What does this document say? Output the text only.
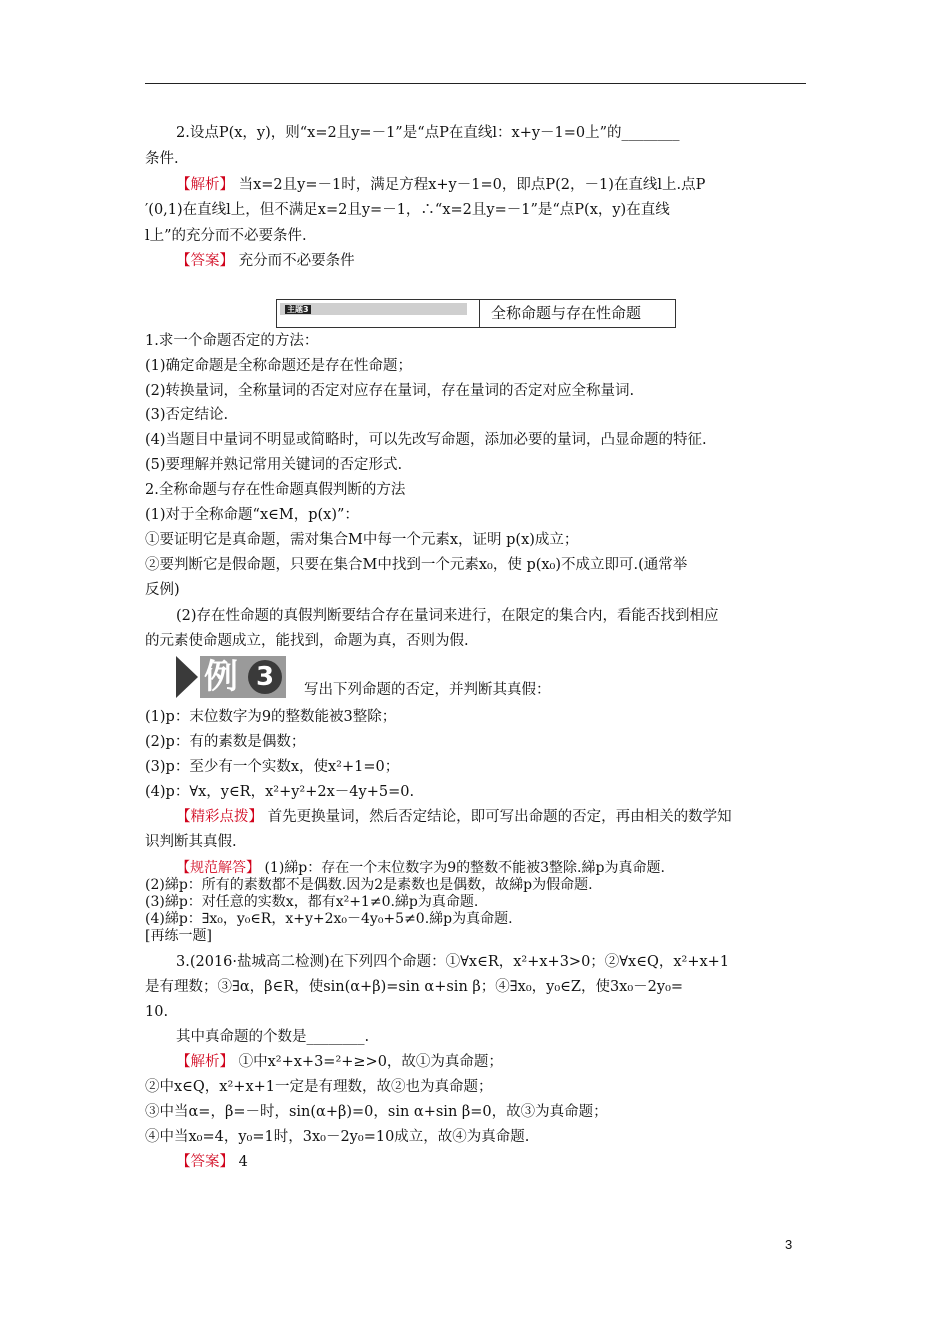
2.设点P(x，y)，则“x=2且y=－1”是“点P在直线l：x+y－1=0上”的________
条件.
【解析】 当x=2且y=－1时，满足方程x+y－1=0，即点P(2，－1)在直线l上.点P
′(0,1)在直线l上，但不满足x=2且y=－1，∴“x=2且y=－1”是“点P(x，y)在直线
l上”的充分而不必要条件.
【答案】 充分而不必要条件
主题3	全称命题与存在性命题
1.求一个命题否定的方法：
(1)确定命题是全称命题还是存在性命题；
(2)转换量词，全称量词的否定对应存在量词，存在量词的否定对应全称量词.
(3)否定结论.
(4)当题目中量词不明显或简略时，可以先改写命题，添加必要的量词，凸显命题的特征.
(5)要理解并熟记常用关键词的否定形式.
2.全称命题与存在性命题真假判断的方法
(1)对于全称命题“x∈M，p(x)”：
①要证明它是真命题，需对集合M中每一个元素x，证明 p(x)成立；
②要判断它是假命题，只要在集合M中找到一个元素x₀，使 p(x₀)不成立即可.(通常举
反例)
(2)存在性命题的真假判断要结合存在量词来进行，在限定的集合内，看能否找到相应
的元素使命题成立，能找到，命题为真，否则为假.
例 3	写出下列命题的否定，并判断其真假：
(1)p：末位数字为9的整数能被3整除；
(2)p：有的素数是偶数；
(3)p：至少有一个实数x，使x²+1=0；
(4)p：∀x，y∈R，x²+y²+2x－4y+5=0.
【精彩点拨】 首先更换量词，然后否定结论，即可写出命题的否定，再由相关的数学知
识判断其真假.
【规范解答】 (1)綈p：存在一个末位数字为9的整数不能被3整除.綈p为真命题.
(2)綈p：所有的素数都不是偶数.因为2是素数也是偶数，故綈p为假命题.
(3)綈p：对任意的实数x，都有x²+1≠0.綈p为真命题.
(4)綈p：∃x₀，y₀∈R，x+y+2x₀－4y₀+5≠0.綈p为真命题.
[再练一题]
3.(2016·盐城高二检测)在下列四个命题：①∀x∈R，x²+x+3>0；②∀x∈Q，x²+x+1
是有理数；③∃α，β∈R，使sin(α+β)=sin α+sin β；④∃x₀，y₀∈Z，使3x₀－2y₀=
10.
其中真命题的个数是________.
【解析】 ①中x²+x+3=²+≥>0，故①为真命题；
②中x∈Q，x²+x+1一定是有理数，故②也为真命题；
③中当α=，β=－时，sin(α+β)=0，sin α+sin β=0，故③为真命题；
④中当x₀=4，y₀=1时，3x₀－2y₀=10成立，故④为真命题.
【答案】 4
3
